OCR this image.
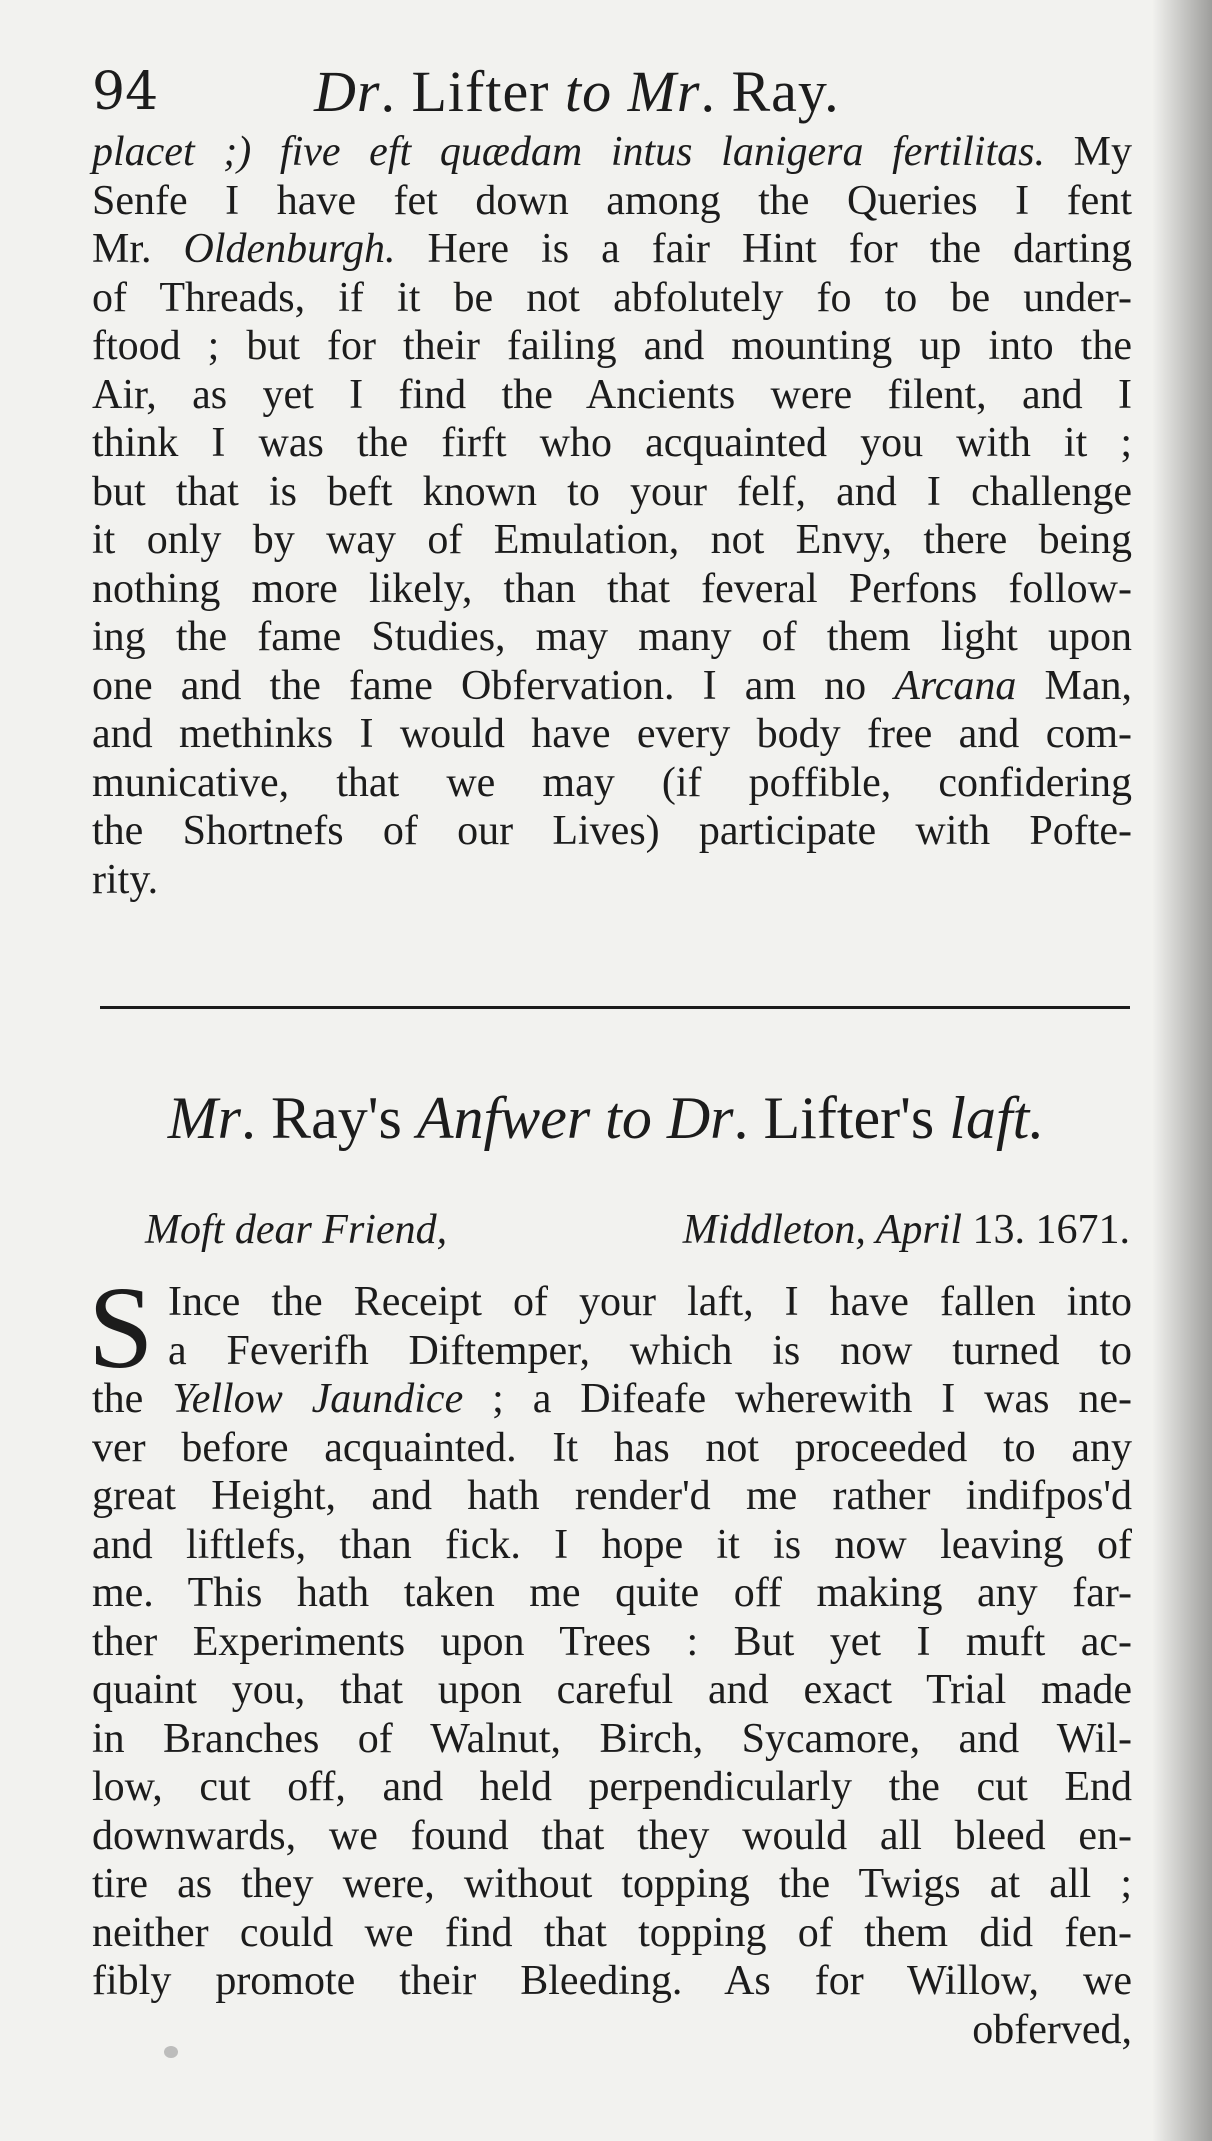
94	Dr. Lifter to Mr. Ray.
placet ;) five eft quædam intus lanigera fertilitas. My
Senfe I have fet down among the Queries I fent
Mr. Oldenburgh. Here is a fair Hint for the darting
of Threads, if it be not abfolutely fo to be under-
ftood ; but for their failing and mounting up into the
Air, as yet I find the Ancients were filent, and I
think I was the firft who acquainted you with it ;
but that is beft known to your felf, and I challenge
it only by way of Emulation, not Envy, there being
nothing more likely, than that feveral Perfons follow-
ing the fame Studies, may many of them light upon
one and the fame Obfervation. I am no Arcana Man,
and methinks I would have every body free and com-
municative, that we may (if poffible, confidering
the Shortnefs of our Lives) participate with Pofte-
rity.
Mr. Ray's Anfwer to Dr. Lifter's laft.
Moft dear Friend,	Middleton, April 13. 1671.
S Ince the Receipt of your laft, I have fallen into
a Feverifh Diftemper, which is now turned to
the Yellow Jaundice ; a Difeafe wherewith I was ne-
ver before acquainted. It has not proceeded to any
great Height, and hath render'd me rather indifpos'd
and liftlefs, than fick. I hope it is now leaving of
me. This hath taken me quite off making any far-
ther Experiments upon Trees : But yet I muft ac-
quaint you, that upon careful and exact Trial made
in Branches of Walnut, Birch, Sycamore, and Wil-
low, cut off, and held perpendicularly the cut End
downwards, we found that they would all bleed en-
tire as they were, without topping the Twigs at all ;
neither could we find that topping of them did fen-
fibly promote their Bleeding. As for Willow, we
obferved,
